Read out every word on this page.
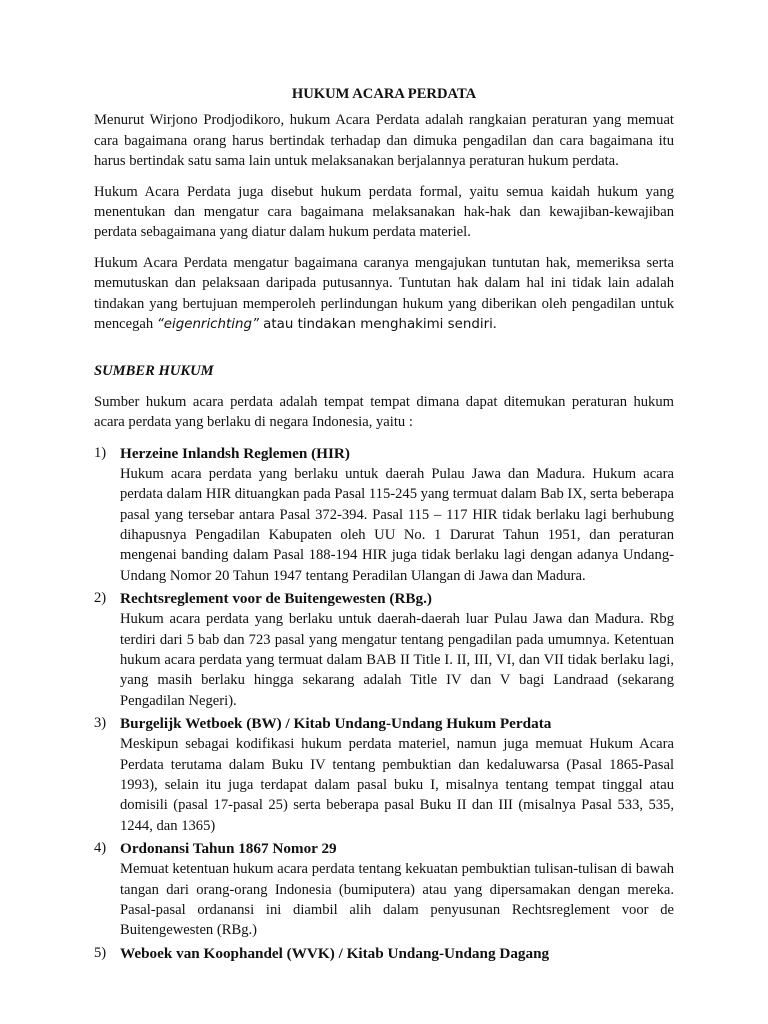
HUKUM ACARA PERDATA

Menurut Wirjono Prodjodikoro, hukum Acara Perdata adalah rangkaian peraturan yang memuat cara bagaimana orang harus bertindak terhadap dan dimuka pengadilan dan cara bagaimana itu harus bertindak satu sama lain untuk melaksanakan berjalannya peraturan hukum perdata.

Hukum Acara Perdata juga disebut hukum perdata formal, yaitu semua kaidah hukum yang menentukan dan mengatur cara bagaimana melaksanakan hak-hak dan kewajiban-kewajiban perdata sebagaimana yang diatur dalam hukum perdata materiel.

Hukum Acara Perdata mengatur bagaimana caranya mengajukan tuntutan hak, memeriksa serta memutuskan dan pelaksaan daripada putusannya. Tuntutan hak dalam hal ini tidak lain adalah tindakan yang bertujuan memperoleh perlindungan hukum yang diberikan oleh pengadilan untuk mencegah “eigenrichting” atau tindakan menghakimi sendiri.

SUMBER HUKUM

Sumber hukum acara perdata adalah tempat tempat dimana dapat ditemukan peraturan hukum acara perdata yang berlaku di negara Indonesia, yaitu :

1) Herzeine Inlandsh Reglemen (HIR)
Hukum acara perdata yang berlaku untuk daerah Pulau Jawa dan Madura. Hukum acara perdata dalam HIR dituangkan pada Pasal 115-245 yang termuat dalam Bab IX, serta beberapa pasal yang tersebar antara Pasal 372-394. Pasal 115 – 117 HIR tidak berlaku lagi berhubung dihapusnya Pengadilan Kabupaten oleh UU No. 1 Darurat Tahun 1951, dan peraturan mengenai banding dalam Pasal 188-194 HIR juga tidak berlaku lagi dengan adanya Undang-Undang Nomor 20 Tahun 1947 tentang Peradilan Ulangan di Jawa dan Madura.
2) Rechtsreglement voor de Buitengewesten (RBg.)
Hukum acara perdata yang berlaku untuk daerah-daerah luar Pulau Jawa dan Madura. Rbg terdiri dari 5 bab dan 723 pasal yang mengatur tentang pengadilan pada umumnya. Ketentuan hukum acara perdata yang termuat dalam BAB II Title I. II, III, VI, dan VII tidak berlaku lagi, yang masih berlaku hingga sekarang adalah Title IV dan V bagi Landraad (sekarang Pengadilan Negeri).
3) Burgelijk Wetboek (BW) / Kitab Undang-Undang Hukum Perdata
Meskipun sebagai kodifikasi hukum perdata materiel, namun juga memuat Hukum Acara Perdata terutama dalam Buku IV tentang pembuktian dan kedaluwarsa (Pasal 1865-Pasal 1993), selain itu juga terdapat dalam pasal buku I, misalnya tentang tempat tinggal atau domisili (pasal 17-pasal 25) serta beberapa pasal Buku II dan III (misalnya Pasal 533, 535, 1244, dan 1365)
4) Ordonansi Tahun 1867 Nomor 29
Memuat ketentuan hukum acara perdata tentang kekuatan pembuktian tulisan-tulisan di bawah tangan dari orang-orang Indonesia (bumiputera) atau yang dipersamakan dengan mereka. Pasal-pasal ordanansi ini diambil alih dalam penyusunan Rechtsreglement voor de Buitengewesten (RBg.)
5) Weboek van Koophandel (WVK) / Kitab Undang-Undang Dagang
